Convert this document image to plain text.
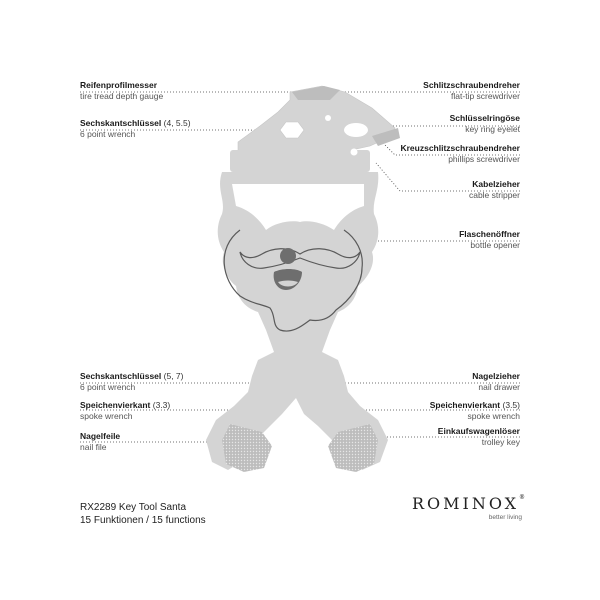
Reifenprofilmesser
tire tread depth gauge
Sechskantschlüssel (4, 5.5)
6 point wrench
Sechskantschlüssel (5, 7)
6 point wrench
Speichenvierkant (3.3)
spoke wrench
Nagelfeile
nail file
Schlitzschraubendreher
flat-tip screwdriver
Schlüsselringöse
key ring eyelet
Kreuzschlitzschraubendreher
phillips screwdriver
Kabelzieher
cable stripper
Flaschenöffner
bottle opener
Nagelzieher
nail drawer
Speichenvierkant (3.5)
spoke wrench
Einkaufswagenlöser
trolley key
RX2289 Key Tool Santa
15 Funktionen / 15 functions
ROMINOX®
better living
